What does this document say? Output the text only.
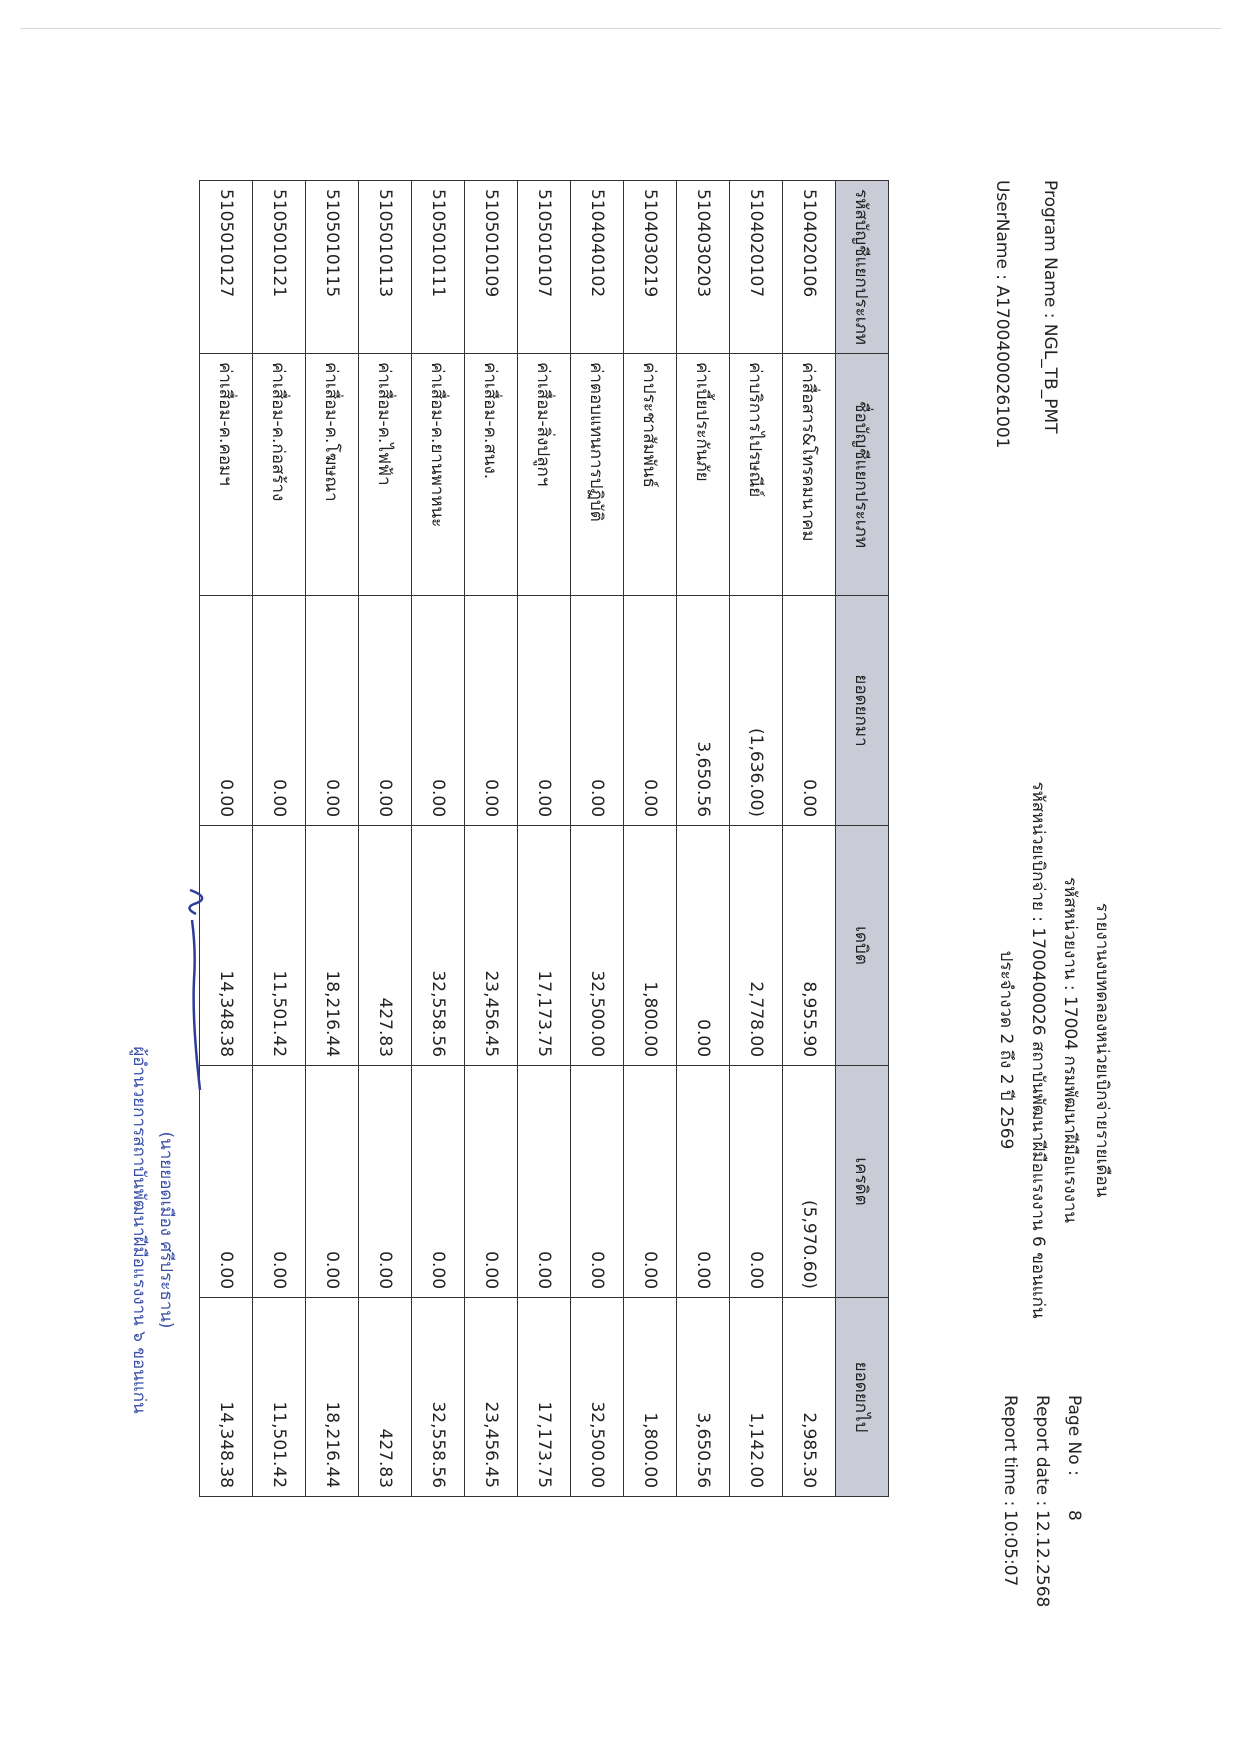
Program Name : NGL_TB_PMT
UserName : A17004000261001
รายงานงบทดลองหน่วยเบิกจ่ายรายเดือน
รหัสหน่วยงาน : 17004 กรมพัฒนาฝีมือแรงงาน
รหัสหน่วยเบิกจ่าย : 1700400026 สถาบันพัฒนาฝีมือแรงงาน 6 ขอนแก่น
ประจำงวด 2 ถึง 2 ปี 2569
Page No :
8
Report date :
12.12.2568
Report time :
10:05:07
รหัสบัญชีแยกประเภท	ชื่อบัญชีแยกประเภท	ยอดยกมา	เดบิต	เครดิต	ยอดยกไป
5104020106	ค่าสื่อสาร&โทรคมนาคม	0.00	8,955.90	(5,970.60)	2,985.30
5104020107	ค่าบริการไปรษณีย์	(1,636.00)	2,778.00	0.00	1,142.00
5104030203	ค่าเบี้ยประกันภัย	3,650.56	0.00	0.00	3,650.56
5104030219	ค่าประชาสัมพันธ์	0.00	1,800.00	0.00	1,800.00
5104040102	ค่าตอบแทนการปฏิบัติ	0.00	32,500.00	0.00	32,500.00
5105010107	ค่าเสื่อม-สิ่งปลูกฯ	0.00	17,173.75	0.00	17,173.75
5105010109	ค่าเสื่อม-ค.สนง.	0.00	23,456.45	0.00	23,456.45
5105010111	ค่าเสื่อม-ค.ยานพาหนะ	0.00	32,558.56	0.00	32,558.56
5105010113	ค่าเสื่อม-ค.ไฟฟ้า	0.00	427.83	0.00	427.83
5105010115	ค่าเสื่อม-ค.โฆษณา	0.00	18,216.44	0.00	18,216.44
5105010121	ค่าเสื่อม-ค.ก่อสร้าง	0.00	11,501.42	0.00	11,501.42
5105010127	ค่าเสื่อม-ค.คอมฯ	0.00	14,348.38	0.00	14,348.38
(นายยอดเมือง ศรีประธาน)
ผู้อำนวยการสถาบันพัฒนาฝีมือแรงงาน ๖ ขอนแก่น
